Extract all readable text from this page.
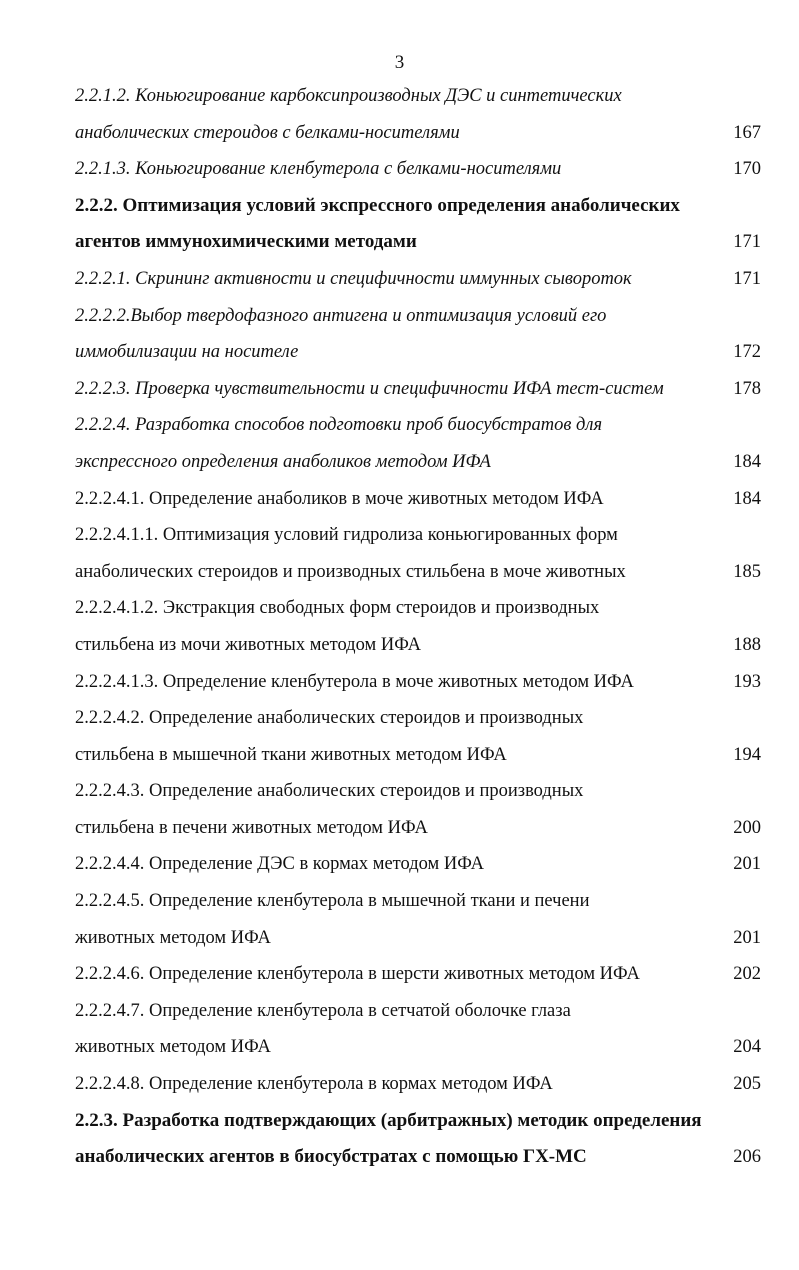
3
2.2.1.2. Коньюгирование карбоксипроизводных ДЭС и синтетических
анаболических стероидов с белками-носителями	167
2.2.1.3. Коньюгирование кленбутерола с белками-носителями	170
2.2.2. Оптимизация условий экспрессного определения анаболических
агентов иммунохимическими методами	171
2.2.2.1. Скрининг активности и специфичности иммунных сывороток	171
2.2.2.2.Выбор твердофазного антигена и оптимизация условий его
иммобилизации на носителе	172
2.2.2.3. Проверка чувствительности и специфичности ИФА тест-систем	178
2.2.2.4. Разработка способов подготовки проб биосубстратов для
экспрессного определения анаболиков методом ИФА	184
2.2.2.4.1. Определение анаболиков в моче животных методом ИФА	184
2.2.2.4.1.1. Оптимизация условий гидролиза коньюгированных форм
анаболических стероидов и производных стильбена в моче животных	185
2.2.2.4.1.2. Экстракция свободных форм стероидов и производных
стильбена из мочи животных методом ИФА	188
2.2.2.4.1.3. Определение кленбутерола в моче животных методом ИФА	193
2.2.2.4.2. Определение анаболических стероидов и производных
стильбена в мышечной ткани животных методом ИФА	194
2.2.2.4.3. Определение анаболических стероидов и производных
стильбена в печени животных методом ИФА	200
2.2.2.4.4. Определение ДЭС в кормах методом ИФА	201
2.2.2.4.5. Определение кленбутерола в мышечной ткани и печени
животных методом ИФА	201
2.2.2.4.6. Определение кленбутерола в шерсти животных методом ИФА	202
2.2.2.4.7. Определение кленбутерола в сетчатой оболочке глаза
животных методом ИФА	204
2.2.2.4.8. Определение кленбутерола в кормах методом ИФА	205
2.2.3. Разработка подтверждающих (арбитражных) методик определения
анаболических агентов в биосубстратах с помощью ГХ-МС	206
